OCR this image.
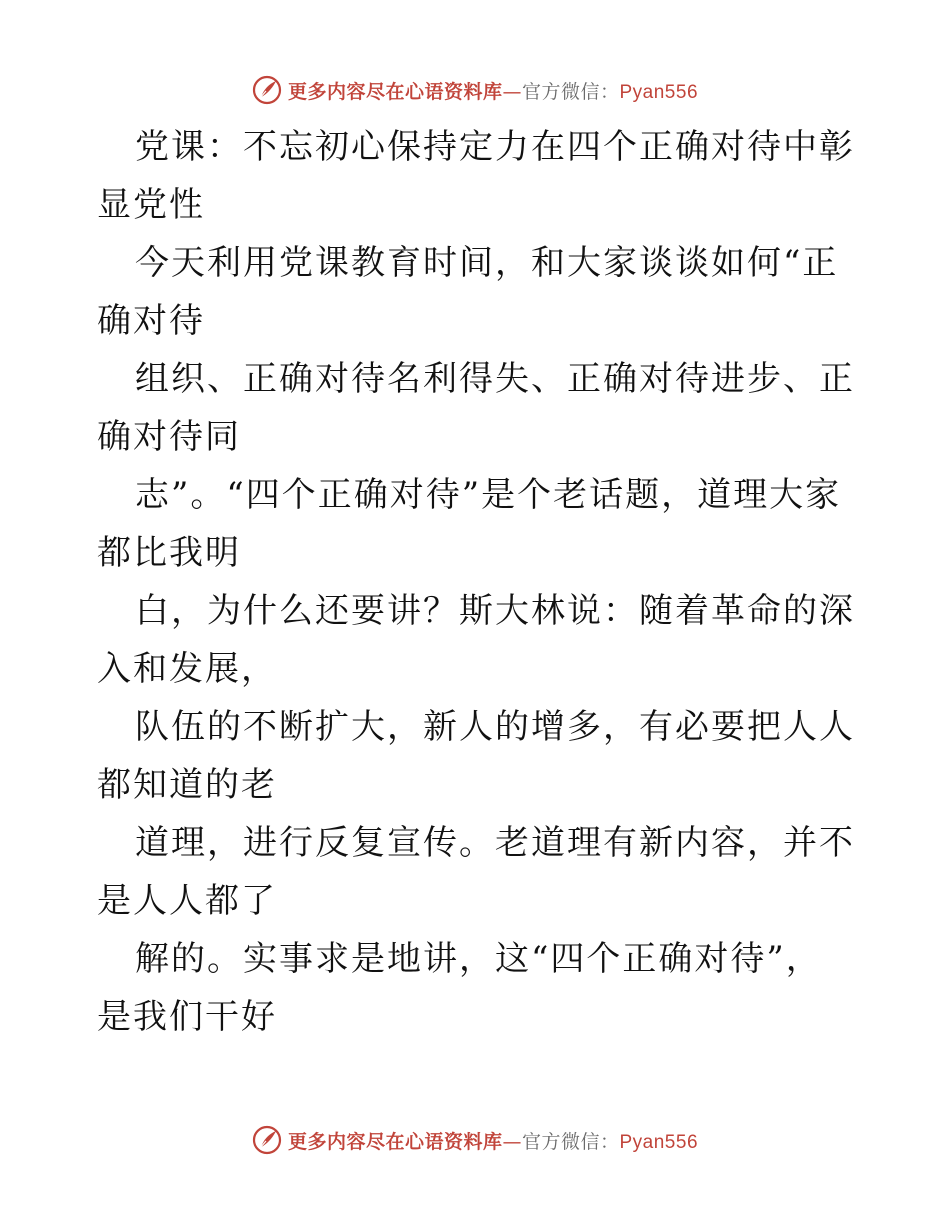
更多内容尽在心语资料库—官方微信：Pyan556

党课：不忘初心保持定力在四个正确对待中彰显党性

今天利用党课教育时间，和大家谈谈如何“正确对待

组织、正确对待名利得失、正确对待进步、正确对待同

志”。“四个正确对待”是个老话题，道理大家都比我明

白，为什么还要讲？斯大林说：随着革命的深入和发展，

队伍的不断扩大，新人的增多，有必要把人人都知道的老

道理，进行反复宣传。老道理有新内容，并不是人人都了

解的。实事求是地讲，这“四个正确对待”，是我们干好

更多内容尽在心语资料库—官方微信：Pyan556
